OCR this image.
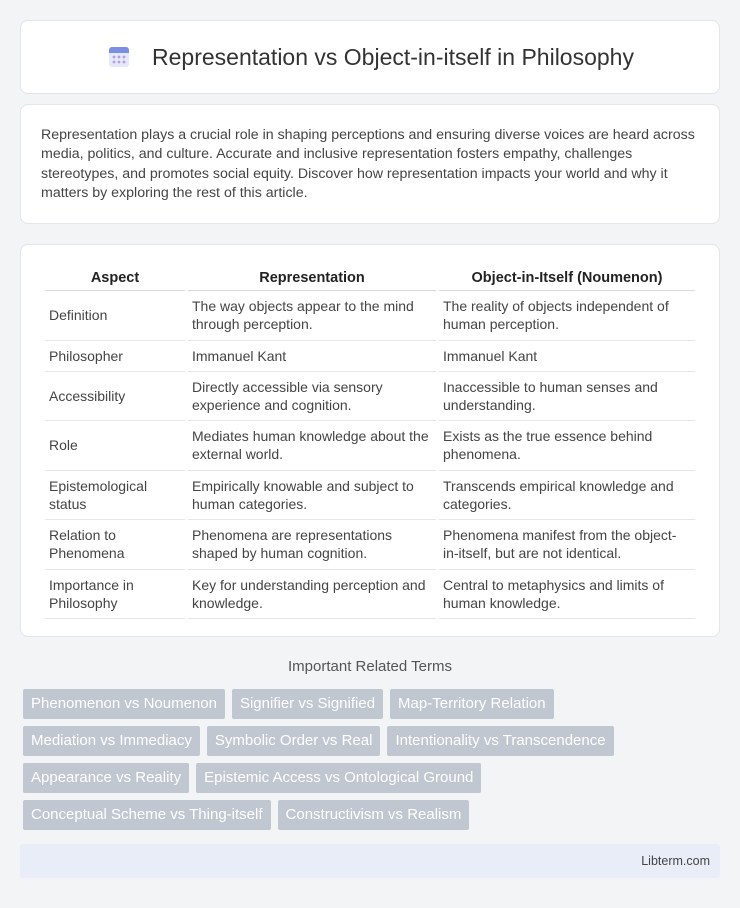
Representation vs Object-in-itself in Philosophy

Representation plays a crucial role in shaping perceptions and ensuring diverse voices are heard across media, politics, and culture. Accurate and inclusive representation fosters empathy, challenges stereotypes, and promotes social equity. Discover how representation impacts your world and why it matters by exploring the rest of this article.

Aspect	Representation	Object-in-Itself (Noumenon)
Definition	The way objects appear to the mind through perception.	The reality of objects independent of human perception.
Philosopher	Immanuel Kant	Immanuel Kant
Accessibility	Directly accessible via sensory experience and cognition.	Inaccessible to human senses and understanding.
Role	Mediates human knowledge about the external world.	Exists as the true essence behind phenomena.
Epistemological status	Empirically knowable and subject to human categories.	Transcends empirical knowledge and categories.
Relation to Phenomena	Phenomena are representations shaped by human cognition.	Phenomena manifest from the object-in-itself, but are not identical.
Importance in Philosophy	Key for understanding perception and knowledge.	Central to metaphysics and limits of human knowledge.
Important Related Terms
Phenomenon vs Noumenon	Signifier vs Signified	Map-Territory Relation
Mediation vs Immediacy	Symbolic Order vs Real	Intentionality vs Transcendence
Appearance vs Reality	Epistemic Access vs Ontological Ground
Conceptual Scheme vs Thing-itself	Constructivism vs Realism
Libterm.com
